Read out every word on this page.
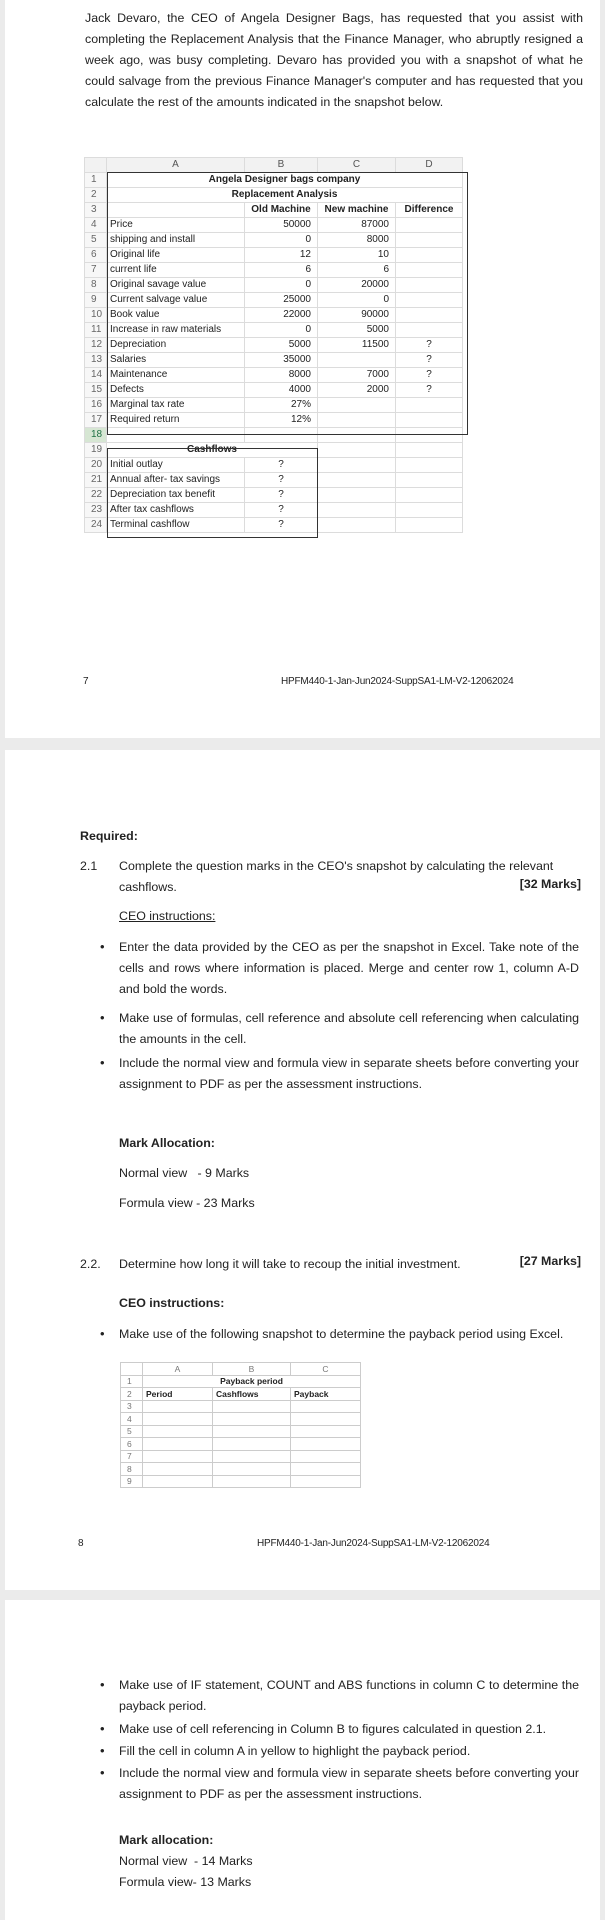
Jack Devaro, the CEO of Angela Designer Bags, has requested that you assist with completing the Replacement Analysis that the Finance Manager, who abruptly resigned a week ago, was busy completing. Devaro has provided you with a snapshot of what he could salvage from the previous Finance Manager's computer and has requested that you calculate the rest of the amounts indicated in the snapshot below.

	A	B	C	D
1	Angela Designer bags company			
2	Replacement Analysis			
3		Old Machine	New machine	Difference
4	Price	50000	87000	
5	shipping and install	0	8000	
6	Original life	12	10	
7	current life	6	6	
8	Original savage value	0	20000	
9	Current salvage value	25000	0	
10	Book value	22000	90000	
11	Increase in raw materials	0	5000	
12	Depreciation	5000	11500	?
13	Salaries	35000		?
14	Maintenance	8000	7000	?
15	Defects	4000	2000	?
16	Marginal tax rate	27%		
17	Required return	12%		
18				
19	Cashflows			
20	Initial outlay	?		
21	Annual after- tax savings	?		
22	Depreciation tax benefit	?		
23	After tax cashflows	?		
24	Terminal cashflow	?		
7	HPFM440-1-Jan-Jun2024-SuppSA1-LM-V2-12062024
Required:
2.1 Complete the question marks in the CEO's snapshot by calculating the relevant
cashflows.	[32 Marks]
CEO instructions:
• Enter the data provided by the CEO as per the snapshot in Excel. Take note of the cells and rows where information is placed. Merge and center row 1, column A-D and bold the words.
• Make use of formulas, cell reference and absolute cell referencing when calculating the amounts in the cell.
• Include the normal view and formula view in separate sheets before converting your assignment to PDF as per the assessment instructions.
Mark Allocation:
Normal view   - 9 Marks
Formula view - 23 Marks
2.2. Determine how long it will take to recoup the initial investment.	[27 Marks]
CEO instructions:
• Make use of the following snapshot to determine the payback period using Excel.
	A	B	C
1	Payback period		
2	Period	Cashflows	Payback
3			
4			
5			
6			
7			
8			
9			
8	HPFM440-1-Jan-Jun2024-SuppSA1-LM-V2-12062024
• Make use of IF statement, COUNT and ABS functions in column C to determine the payback period.
• Make use of cell referencing in Column B to figures calculated in question 2.1.
• Fill the cell in column A in yellow to highlight the payback period.
• Include the normal view and formula view in separate sheets before converting your assignment to PDF as per the assessment instructions.
Mark allocation:
Normal view  - 14 Marks
Formula view- 13 Marks
